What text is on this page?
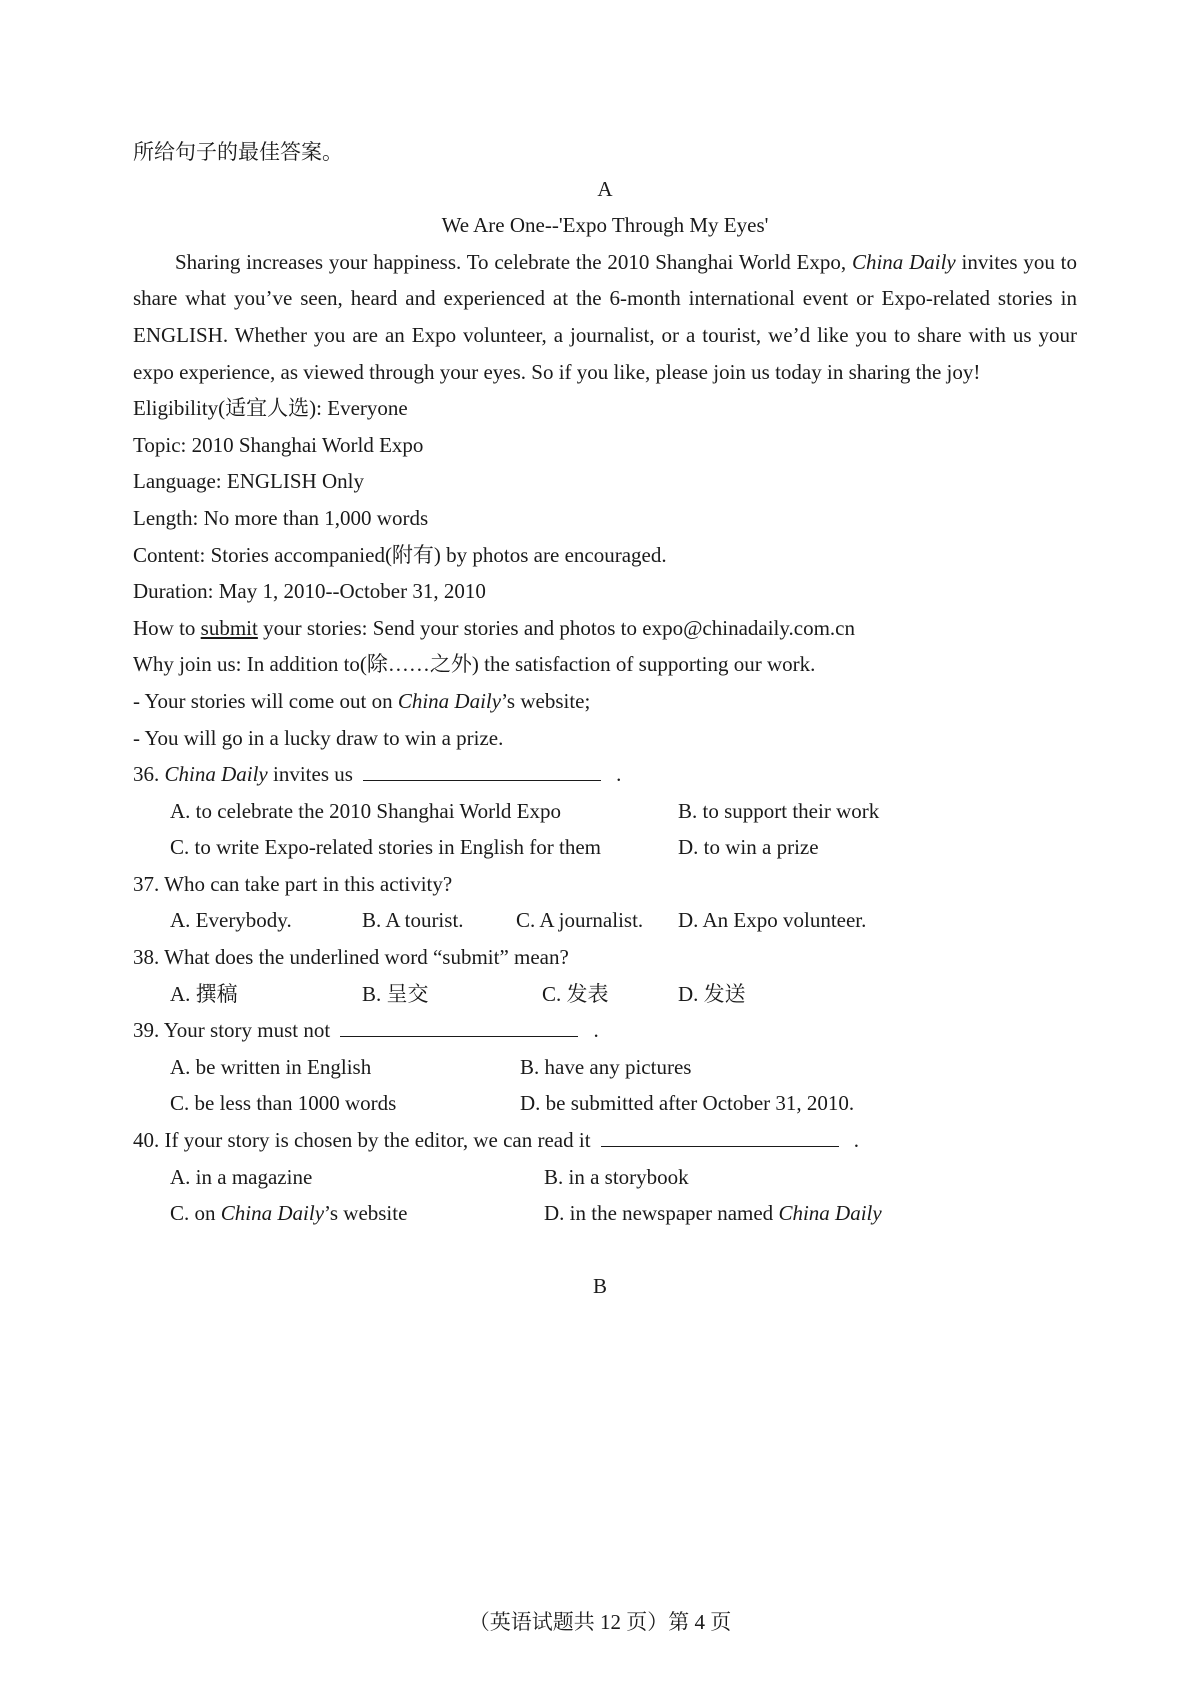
所给句子的最佳答案。
A
We Are One--'Expo Through My Eyes'

Sharing increases your happiness. To celebrate the 2010 Shanghai World Expo, China Daily invites you to share what you’ve seen, heard and experienced at the 6-month international event or Expo-related stories in ENGLISH. Whether you are an Expo volunteer, a journalist, or a tourist, we’d like you to share with us your expo experience, as viewed through your eyes. So if you like, please join us today in sharing the joy!

Eligibility(适宜人选): Everyone
Topic: 2010 Shanghai World Expo
Language: ENGLISH Only
Length: No more than 1,000 words
Content: Stories accompanied(附有) by photos are encouraged.
Duration: May 1, 2010--October 31, 2010
How to submit your stories: Send your stories and photos to expo@chinadaily.com.cn
Why join us: In addition to(除……之外) the satisfaction of supporting our work.
- Your stories will come out on China Daily’s website;
- You will go in a lucky draw to win a prize.
36. China Daily invites us	.
A. to celebrate the 2010 Shanghai World Expo	B. to support their work
C. to write Expo-related stories in English for them	D. to win a prize
37. Who can take part in this activity?
A. Everybody.	B. A tourist.	C. A journalist.	D. An Expo volunteer.
38. What does the underlined word “submit” mean?
A. 撰稿	B. 呈交	C. 发表	D. 发送
39. Your story must not	.
A. be written in English	B. have any pictures
C. be less than 1000 words	D. be submitted after October 31, 2010.
40. If your story is chosen by the editor, we can read it	.
A. in a magazine	B. in a storybook
C. on China Daily’s website	D. in the newspaper named China Daily
B
（英语试题共 12 页）第 4 页
